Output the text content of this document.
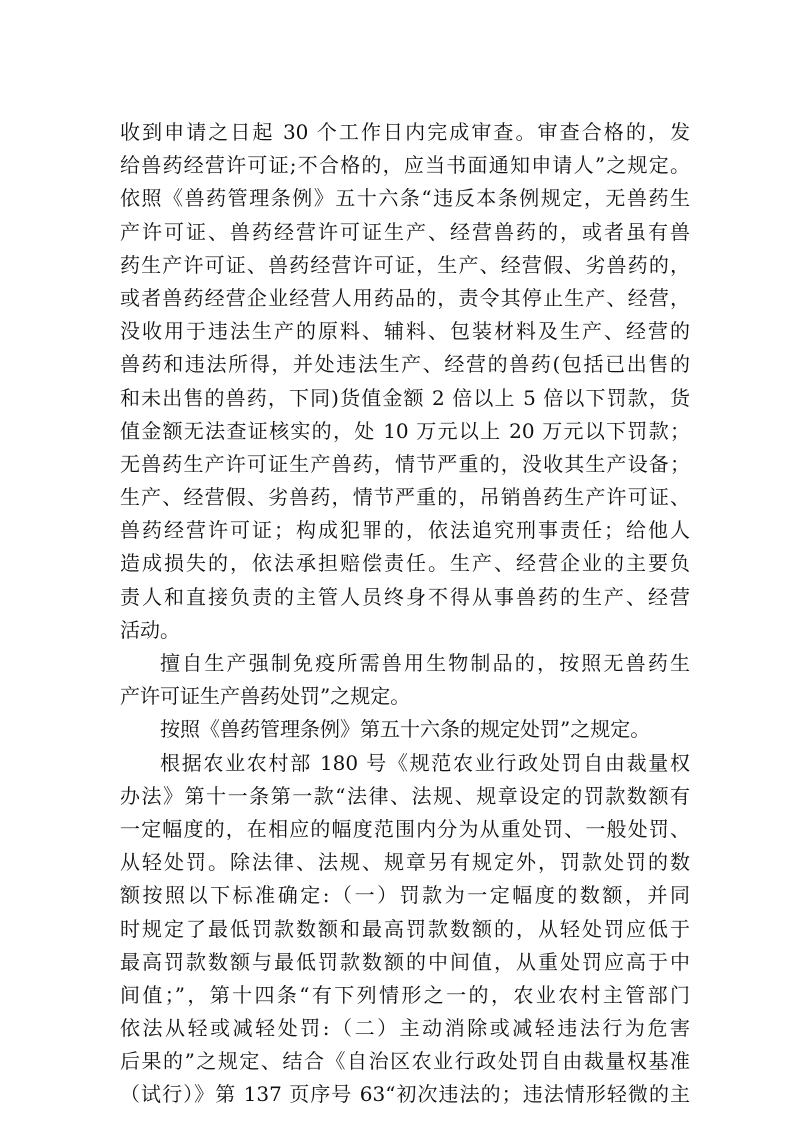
收到申请之日起 30 个工作日内完成审查。审查合格的，发
给兽药经营许可证;不合格的，应当书面通知申请人”之规定。
依照《兽药管理条例》五十六条“违反本条例规定，无兽药生
产许可证、兽药经营许可证生产、经营兽药的，或者虽有兽
药生产许可证、兽药经营许可证，生产、经营假、劣兽药的，
或者兽药经营企业经营人用药品的，责令其停止生产、经营，
没收用于违法生产的原料、辅料、包装材料及生产、经营的
兽药和违法所得，并处违法生产、经营的兽药(包括已出售的
和未出售的兽药，下同)货值金额 2 倍以上 5 倍以下罚款，货
值金额无法查证核实的，处 10 万元以上 20 万元以下罚款；
无兽药生产许可证生产兽药，情节严重的，没收其生产设备；
生产、经营假、劣兽药，情节严重的，吊销兽药生产许可证、
兽药经营许可证；构成犯罪的，依法追究刑事责任；给他人
造成损失的，依法承担赔偿责任。生产、经营企业的主要负
责人和直接负责的主管人员终身不得从事兽药的生产、经营
活动。
擅自生产强制免疫所需兽用生物制品的，按照无兽药生
产许可证生产兽药处罚”之规定。
按照《兽药管理条例》第五十六条的规定处罚”之规定。
根据农业农村部 180 号《规范农业行政处罚自由裁量权
办法》第十一条第一款“法律、法规、规章设定的罚款数额有
一定幅度的，在相应的幅度范围内分为从重处罚、一般处罚、
从轻处罚。除法律、法规、规章另有规定外，罚款处罚的数
额按照以下标准确定:（一）罚款为一定幅度的数额，并同
时规定了最低罚款数额和最高罚款数额的，从轻处罚应低于
最高罚款数额与最低罚款数额的中间值，从重处罚应高于中
间值；”，第十四条“有下列情形之一的，农业农村主管部门
依法从轻或减轻处罚:（二）主动消除或减轻违法行为危害
后果的”之规定、结合《自治区农业行政处罚自由裁量权基准
（试行）》第 137 页序号 63“初次违法的；违法情形轻微的主
